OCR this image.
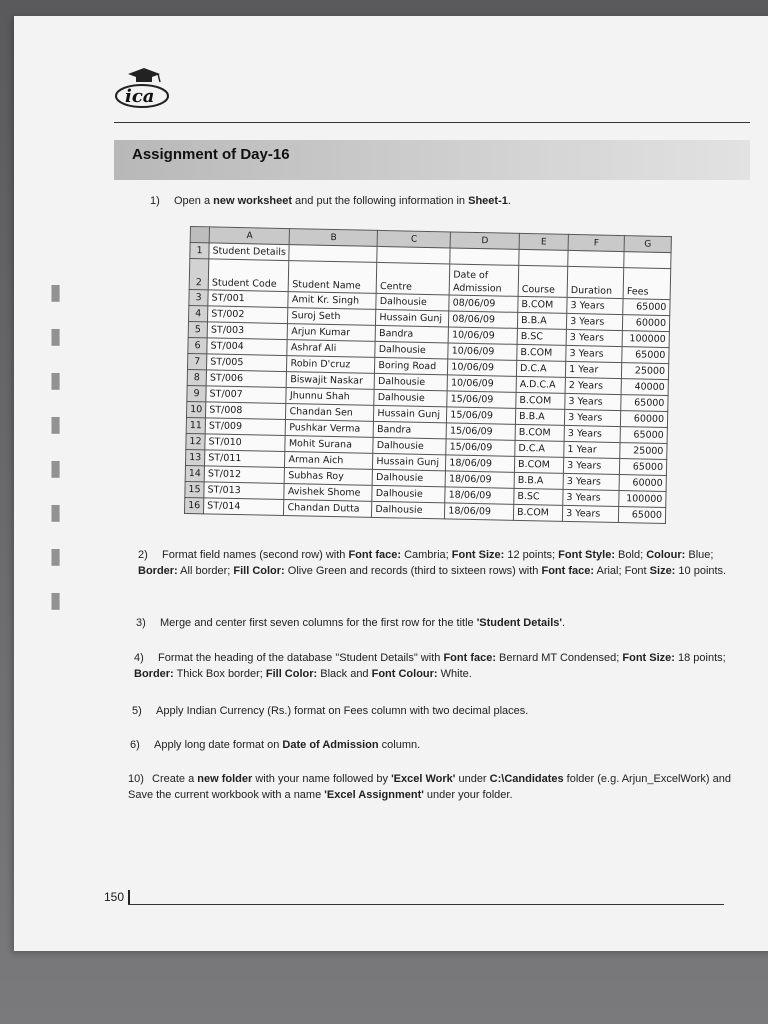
▮ ▮ ▮ ▮ ▮ ▮ ▮ ▮
ica
Assignment of Day-16
1) Open a new worksheet and put the following information in Sheet-1.
	A	B	C	D	E	F	G
1	Student Details						
2	Student Code	Student Name	Centre	Date of Admission	Course	Duration	Fees
3	ST/001	Amit Kr. Singh	Dalhousie	08/06/09	B.COM	3 Years	65000
4	ST/002	Suroj Seth	Hussain Gunj	08/06/09	B.B.A	3 Years	60000
5	ST/003	Arjun Kumar	Bandra	10/06/09	B.SC	3 Years	100000
6	ST/004	Ashraf Ali	Dalhousie	10/06/09	B.COM	3 Years	65000
7	ST/005	Robin D'cruz	Boring Road	10/06/09	D.C.A	1 Year	25000
8	ST/006	Biswajit Naskar	Dalhousie	10/06/09	A.D.C.A	2 Years	40000
9	ST/007	Jhunnu Shah	Dalhousie	15/06/09	B.COM	3 Years	65000
10	ST/008	Chandan Sen	Hussain Gunj	15/06/09	B.B.A	3 Years	60000
11	ST/009	Pushkar Verma	Bandra	15/06/09	B.COM	3 Years	65000
12	ST/010	Mohit Surana	Dalhousie	15/06/09	D.C.A	1 Year	25000
13	ST/011	Arman Aich	Hussain Gunj	18/06/09	B.COM	3 Years	65000
14	ST/012	Subhas Roy	Dalhousie	18/06/09	B.B.A	3 Years	60000
15	ST/013	Avishek Shome	Dalhousie	18/06/09	B.SC	3 Years	100000
16	ST/014	Chandan Dutta	Dalhousie	18/06/09	B.COM	3 Years	65000
2) Format field names (second row) with Font face: Cambria; Font Size: 12 points; Font Style: Bold; Colour: Blue; Border: All border; Fill Color: Olive Green and records (third to sixteen rows) with Font face: Arial; Font Size: 10 points.
3) Merge and center first seven columns for the first row for the title 'Student Details'.
4) Format the heading of the database "Student Details" with Font face: Bernard MT Condensed; Font Size: 18 points; Border: Thick Box border; Fill Color: Black and Font Colour: White.
5) Apply Indian Currency (Rs.) format on Fees column with two decimal places.
6) Apply long date format on Date of Admission column.
10) Create a new folder with your name followed by 'Excel Work' under C:\Candidates folder (e.g. Arjun_ExcelWork) and Save the current workbook with a name 'Excel Assignment' under your folder.
150
